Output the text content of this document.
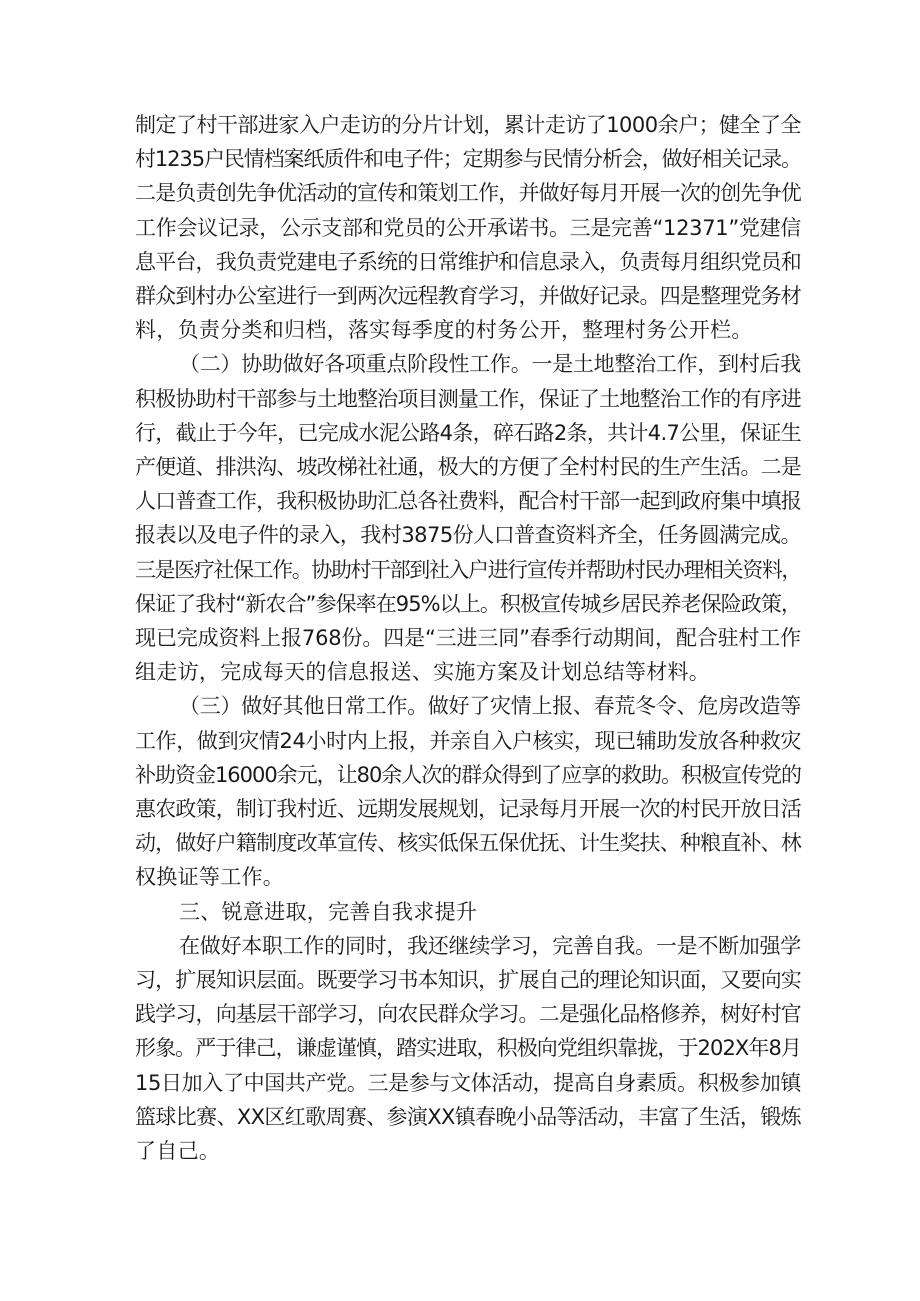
制定了村干部进家入户走访的分片计划，累计走访了1000余户；健全了全
村1235户民情档案纸质件和电子件；定期参与民情分析会，做好相关记录。
二是负责创先争优活动的宣传和策划工作，并做好每月开展一次的创先争优
工作会议记录，公示支部和党员的公开承诺书。三是完善“12371”党建信
息平台，我负责党建电子系统的日常维护和信息录入，负责每月组织党员和
群众到村办公室进行一到两次远程教育学习，并做好记录。四是整理党务材
料，负责分类和归档，落实每季度的村务公开，整理村务公开栏。
（二）协助做好各项重点阶段性工作。一是土地整治工作，到村后我
积极协助村干部参与土地整治项目测量工作，保证了土地整治工作的有序进
行，截止于今年，已完成水泥公路4条，碎石路2条，共计4.7公里，保证生
产便道、排洪沟、坡改梯社社通，极大的方便了全村村民的生产生活。二是
人口普查工作，我积极协助汇总各社费料，配合村干部一起到政府集中填报
报表以及电子件的录入，我村3875份人口普查资料齐全，任务圆满完成。
三是医疗社保工作。协助村干部到社入户进行宣传并帮助村民办理相关资料，
保证了我村“新农合”参保率在95%以上。积极宣传城乡居民养老保险政策，
现已完成资料上报768份。四是“三进三同”春季行动期间，配合驻村工作
组走访，完成每天的信息报送、实施方案及计划总结等材料。
（三）做好其他日常工作。做好了灾情上报、春荒冬令、危房改造等
工作，做到灾情24小时内上报，并亲自入户核实，现已辅助发放各种救灾
补助资金16000余元，让80余人次的群众得到了应享的救助。积极宣传党的
惠农政策，制订我村近、远期发展规划，记录每月开展一次的村民开放日活
动，做好户籍制度改革宣传、核实低保五保优抚、计生奖扶、种粮直补、林
权换证等工作。
三、锐意进取，完善自我求提升
在做好本职工作的同时，我还继续学习，完善自我。一是不断加强学
习，扩展知识层面。既要学习书本知识，扩展自己的理论知识面，又要向实
践学习，向基层干部学习，向农民群众学习。二是强化品格修养，树好村官
形象。严于律己，谦虚谨慎，踏实进取，积极向党组织靠拢，于202X年8月
15日加入了中国共产党。三是参与文体活动，提高自身素质。积极参加镇
篮球比赛、XX区红歌周赛、参演XX镇春晚小品等活动，丰富了生活，锻炼
了自己。
